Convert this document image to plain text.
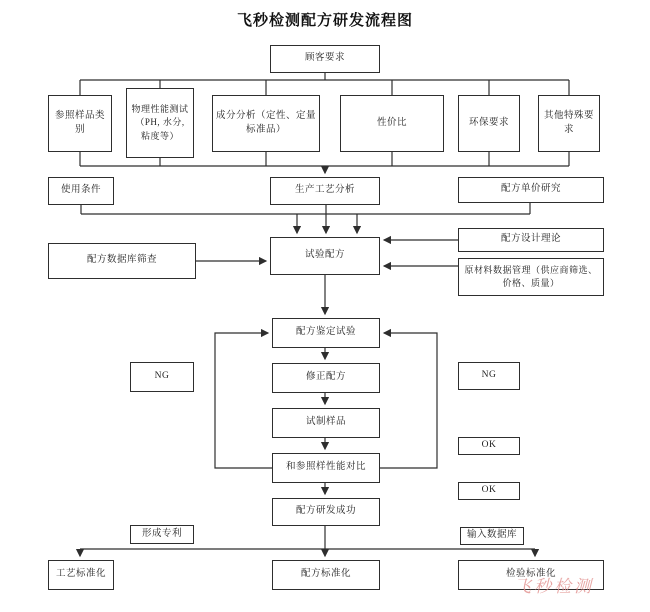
飞秒检测配方研发流程图
顾客要求
参照样品类别
物理性能测试（PH, 水分, 粘度等）
成分分析（定性、定量 标准品）
性价比	环保要求
其他特殊要求
使用条件	生产工艺分析	配方单价研究
配方设计理论
试验配方
配方数据库筛查
原材料数据管理（供应商筛选、价格、质量）
配方鉴定试验
修正配方
试制样品
和参照样性能对比
配方研发成功
NG	NG
OK
OK
形成专利	输入数据库
工艺标准化	配方标准化	检验标准化
飞秒检测
